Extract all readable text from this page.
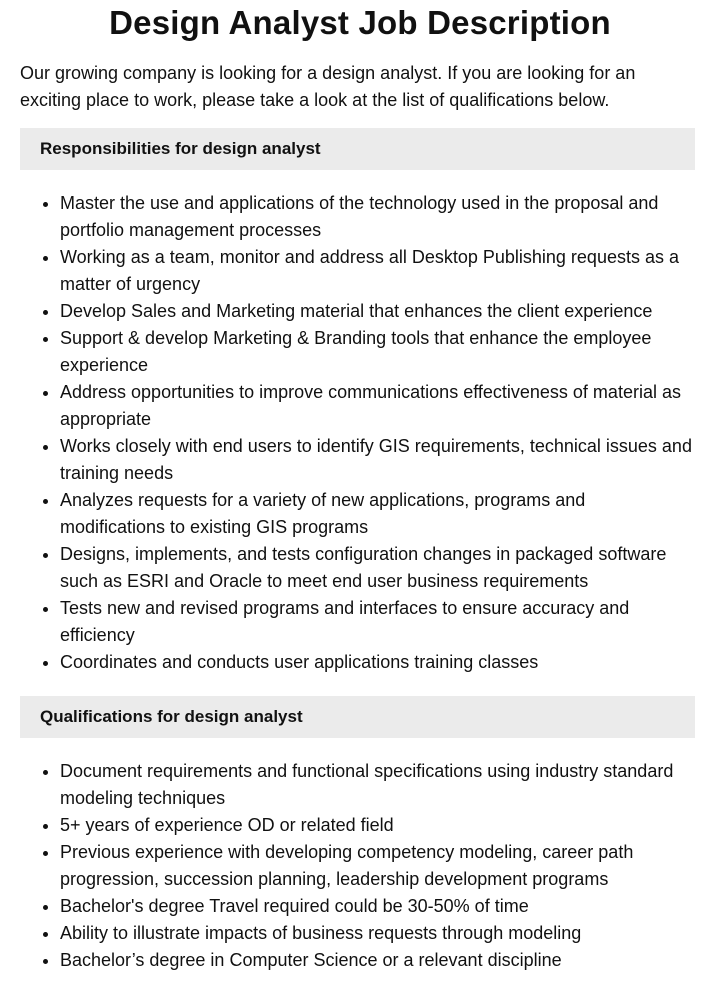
Design Analyst Job Description

Our growing company is looking for a design analyst. If you are looking for an exciting place to work, please take a look at the list of qualifications below.

Responsibilities for design analyst
• Master the use and applications of the technology used in the proposal and portfolio management processes
• Working as a team, monitor and address all Desktop Publishing requests as a matter of urgency
• Develop Sales and Marketing material that enhances the client experience
• Support & develop Marketing & Branding tools that enhance the employee experience
• Address opportunities to improve communications effectiveness of material as appropriate
• Works closely with end users to identify GIS requirements, technical issues and training needs
• Analyzes requests for a variety of new applications, programs and modifications to existing GIS programs
• Designs, implements, and tests configuration changes in packaged software such as ESRI and Oracle to meet end user business requirements
• Tests new and revised programs and interfaces to ensure accuracy and efficiency
• Coordinates and conducts user applications training classes
Qualifications for design analyst
• Document requirements and functional specifications using industry standard modeling techniques
• 5+ years of experience OD or related field
• Previous experience with developing competency modeling, career path progression, succession planning, leadership development programs
• Bachelor's degree Travel required could be 30-50% of time
• Ability to illustrate impacts of business requests through modeling
• Bachelor’s degree in Computer Science or a relevant discipline
